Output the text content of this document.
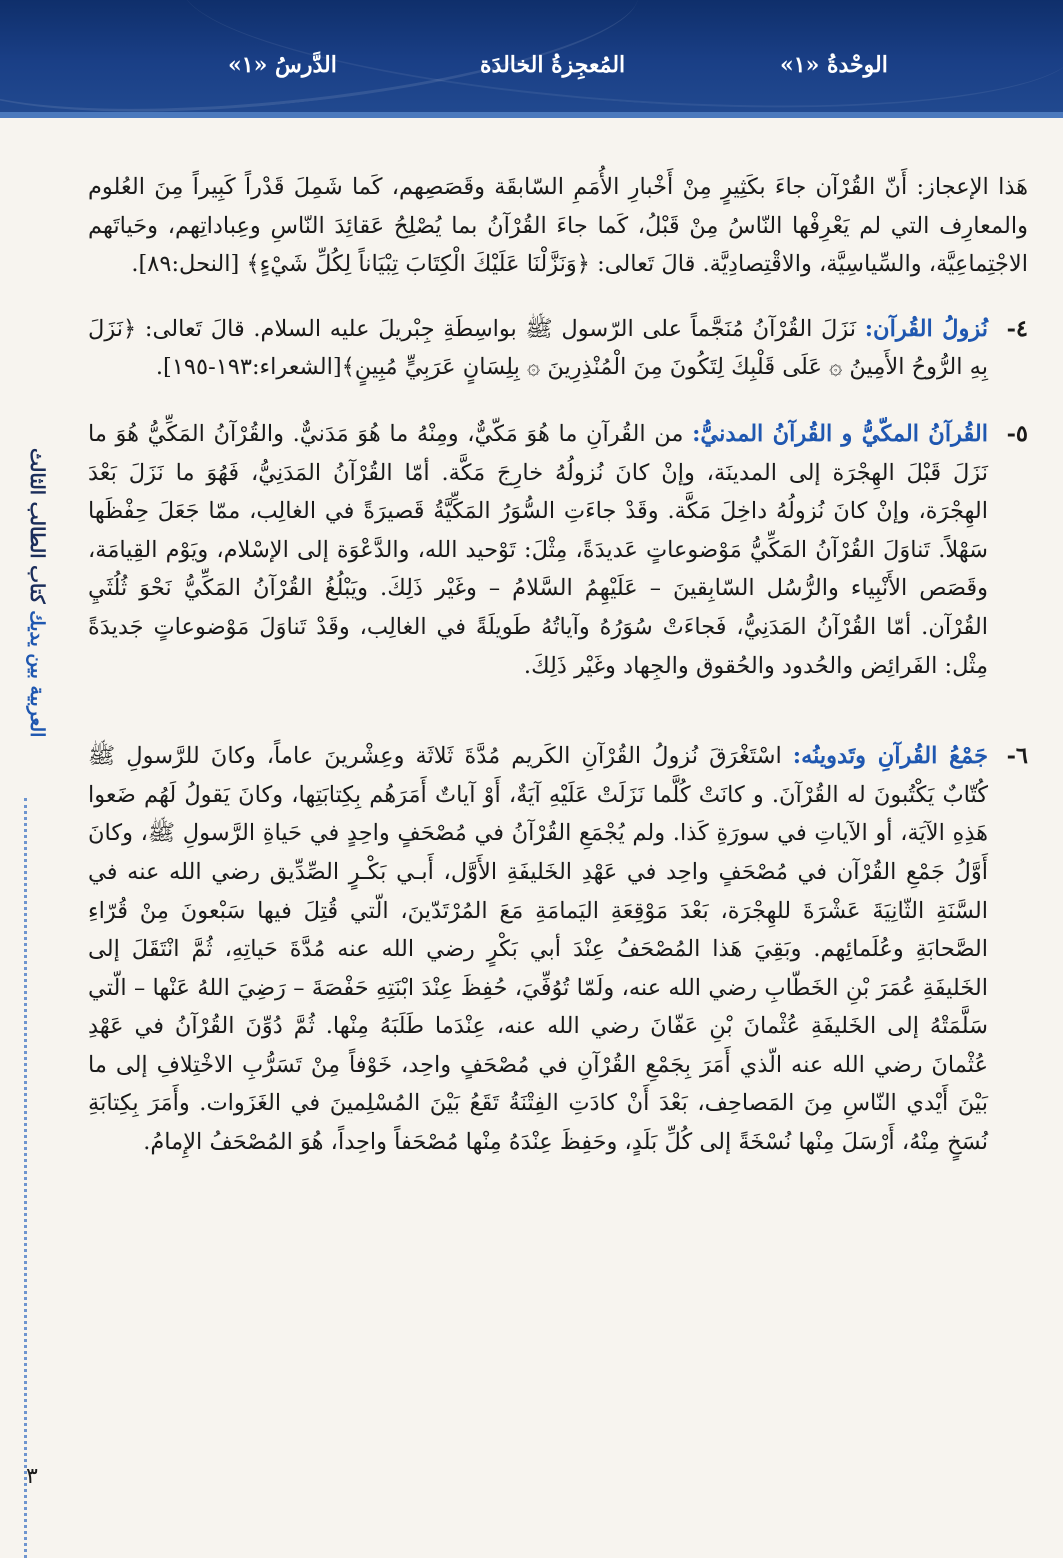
الوحْدةُ «١»
المُعجِزةُ الخالدَة
الدَّرسُ «١»
العربية بين يديك كتاب الطالب الثالث
٣

هَذا الإعجاز: أَنّ القُرْآن جاءَ بكَثِيرٍ مِنْ أَخْبارِ الأُمَمِ السّابقَة وقَصَصِهم، كَما شَمِلَ قَدْراً كَبِيراً مِنَ العُلوم والمعارِف التي لم يَعْرِفْها النّاسُ مِنْ قَبْلُ، كَما جاءَ القُرْآنُ بما يُصْلِحُ عَقائِدَ النّاسِ وعِباداتِهم، وحَياتَهم الاجْتِماعِيَّة، والسِّياسِيَّة، والاقْتِصادِيَّة. قالَ تَعالى: ﴿وَنَزَّلْنَا عَلَيْكَ الْكِتَابَ تِبْيَاناً لِكُلِّ شَيْءٍ﴾ [النحل:٨٩].

٤-
نُزولُ القُرآن: نَزَلَ القُرْآنُ مُنَجَّماً على الرّسول ﷺ بواسِطَةِ جِبْريلَ عليه السلام. قالَ تَعالى: ﴿نَزَلَ بِهِ الرُّوحُ الأَمِينُ ۞ عَلَى قَلْبِكَ لِتَكُونَ مِنَ الْمُنْذِرِينَ ۞ بِلِسَانٍ عَرَبِيٍّ مُبِينٍ﴾[الشعراء:١٩٣-١٩٥].
٥-
القُرآنُ المكّيُّ و القُرآنُ المدنيُّ: من القُرآنِ ما هُوَ مَكّيٌّ، ومِنْهُ ما هُوَ مَدَنيٌّ. والقُرْآنُ المَكِّيُّ هُوَ ما نَزَلَ قَبْلَ الهِجْرَة إلى المدينَة، وإنْ كانَ نُزولُهُ خارِجَ مَكَّة. أمّا القُرْآنُ المَدَنِيُّ، فَهُوَ ما نَزَلَ بَعْدَ الهِجْرَة، وإنْ كانَ نُزولُهُ داخِلَ مَكَّة. وقَدْ جاءَتِ السُّوَرُ المَكِّيَّةُ قَصيرَةً في الغالِب، ممّا جَعَلَ حِفْظَها سَهْلاً. تَناوَلَ القُرْآنُ المَكِّيُّ مَوْضوعاتٍ عَديدَةً، مِثْلَ: تَوْحيد الله، والدَّعْوَة إلى الإسْلام، ويَوْم القِيامَة، وقَصَص الأَنْبِياء والرُّسُل السّابِقينَ – عَلَيْهِمُ السَّلامُ – وغَيْر ذَلِكَ. ويَبْلُغُ القُرْآنُ المَكِّيُّ نَحْوَ ثُلُثَيِ القُرْآن. أمّا القُرْآنُ المَدَنِيُّ، فَجاءَتْ سُوَرُهُ وآياتُهُ طَويلَةً في الغالِب، وقَدْ تَناوَلَ مَوْضوعاتٍ جَديدَةً مِثْل: الفَرائِض والحُدود والحُقوق والجِهاد وغَيْر ذَلِكَ.
٦-
جَمْعُ القُرآنِ وتَدوينُه: اسْتَغْرَقَ نُزولُ القُرْآنِ الكَريم مُدَّةَ ثَلاثَة وعِشْرينَ عاماً، وكانَ للرَّسولِ ﷺ كُتّابٌ يَكْتُبونَ له القُرْآنَ. و كانَتْ كُلَّما نَزَلَتْ عَلَيْهِ آيَةٌ، أَوْ آياتٌ أَمَرَهُم بِكِتابَتِها، وكانَ يَقولُ لَهُم ضَعوا هَذِهِ الآيَة، أو الآياتِ في سورَةِ كَذا. ولم يُجْمَعِ القُرْآنُ في مُصْحَفٍ واحِدٍ في حَياةِ الرَّسولِ ﷺ، وكانَ أَوَّلُ جَمْعِ القُرْآن في مُصْحَفٍ واحِد في عَهْدِ الخَليفَةِ الأَوَّل، أَبـي بَكْـرٍ الصِّدِّيق رضي الله عنه في السَّنَةِ الثّانِيَةَ عَشْرَةَ للهِجْرَة، بَعْدَ مَوْقِعَةِ اليَمامَةِ مَعَ المُرْتَدّينَ، الّتي قُتِلَ فيها سَبْعونَ مِنْ قُرّاءِ الصَّحابَةِ وعُلَمائِهم. وبَقِيَ هَذا المُصْحَفُ عِنْدَ أبي بَكْرٍ رضي الله عنه مُدَّةَ حَياتِهِ، ثُمَّ انْتَقَلَ إلى الخَليفَةِ عُمَرَ بْنِ الخَطّابِ رضي الله عنه، ولَمّا تُوُفِّيَ، حُفِظَ عِنْدَ ابْنَتِهِ حَفْصَةَ – رَضِيَ اللهُ عَنْها – الّتي سَلَّمَتْهُ إلى الخَليفَةِ عُثْمانَ بْنِ عَفّانَ رضي الله عنه، عِنْدَما طَلَبَهُ مِنْها. ثُمَّ دُوِّنَ القُرْآنُ في عَهْدِ عُثْمانَ رضي الله عنه الّذي أَمَرَ بِجَمْعِ القُرْآنِ في مُصْحَفٍ واحِد، خَوْفاً مِنْ تَسَرُّبِ الاخْتِلافِ إلى ما بَيْنَ أَيْدي النّاسِ مِنَ المَصاحِف، بَعْدَ أَنْ كادَتِ الفِتْنَةُ تَقَعُ بَيْنَ المُسْلِمينَ في الغَزَوات. وأَمَرَ بِكِتابَةِ نُسَخٍ مِنْهُ، أَرْسَلَ مِنْها نُسْخَةً إلى كُلِّ بَلَدٍ، وحَفِظَ عِنْدَهُ مِنْها مُصْحَفاً واحِداً، هُوَ المُصْحَفُ الإِمامُ.
